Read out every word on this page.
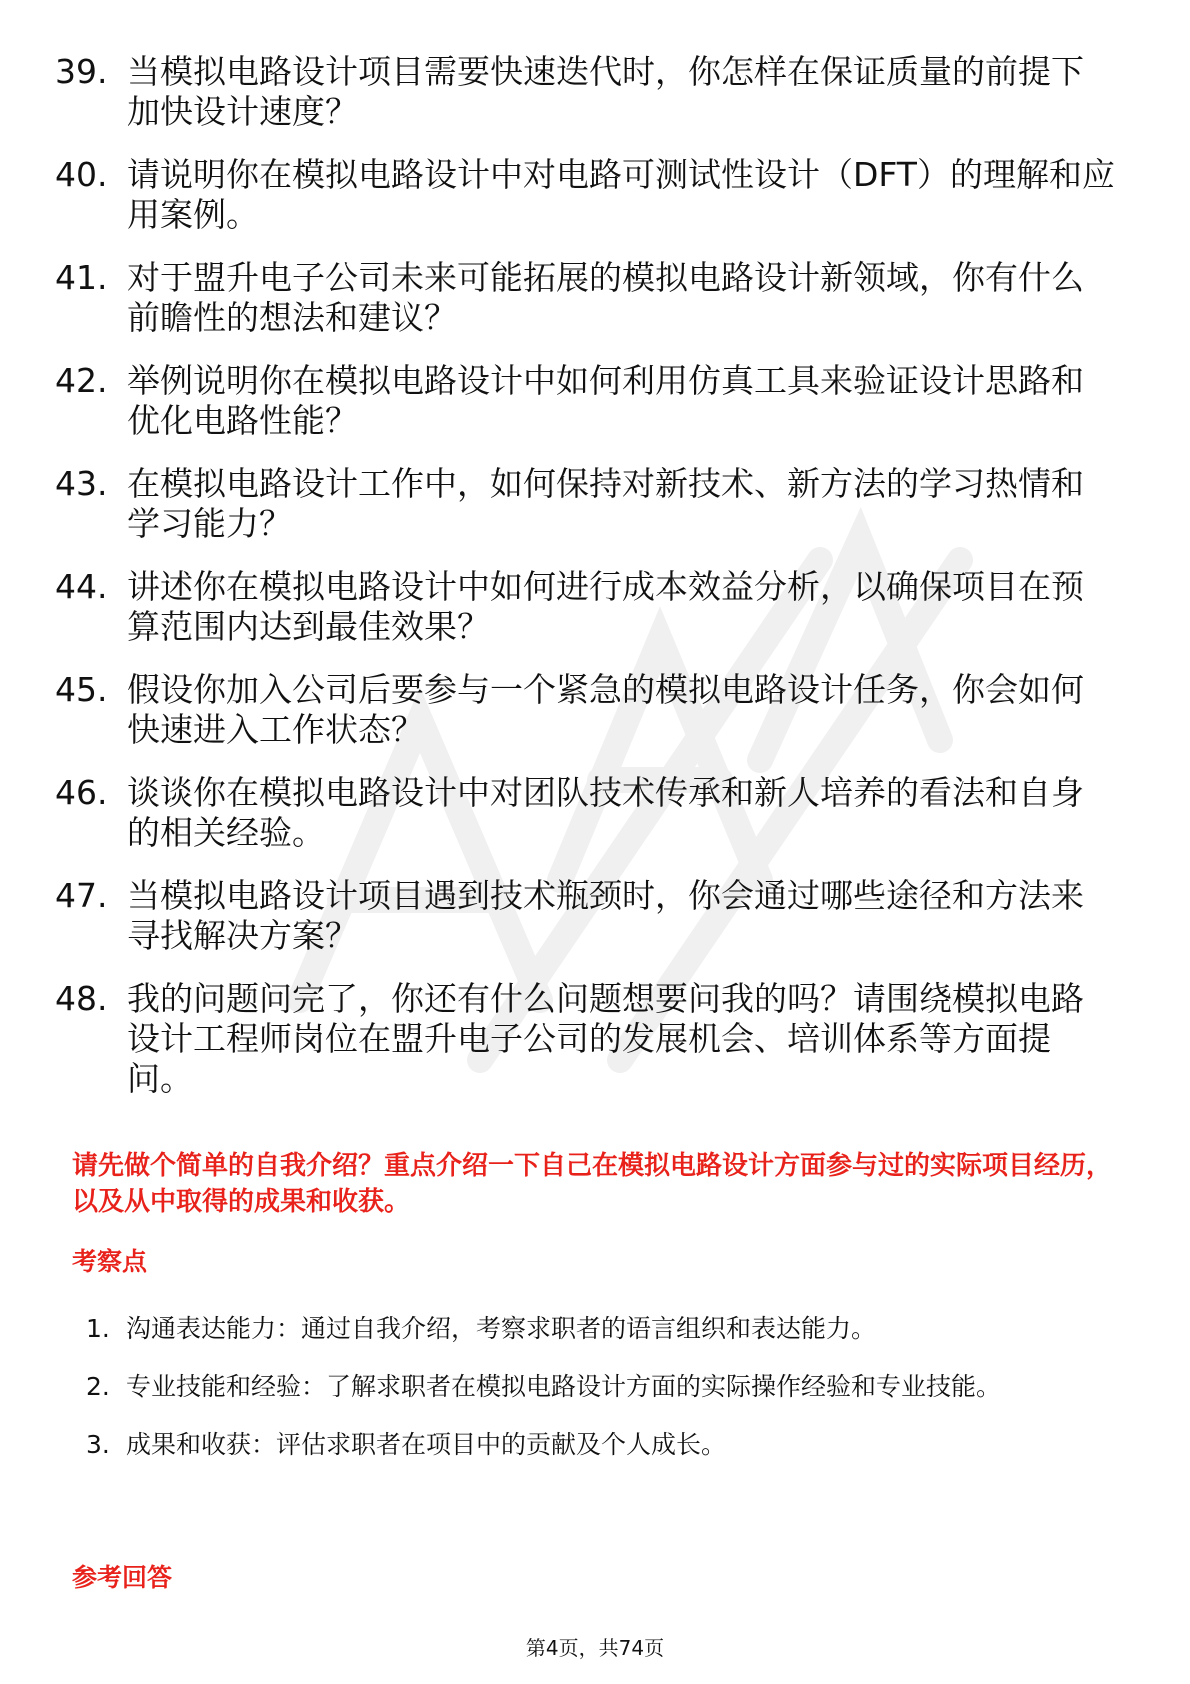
39. 当模拟电路设计项目需要快速迭代时，你怎样在保证质量的前提下加快设计速度？
40. 请说明你在模拟电路设计中对电路可测试性设计（DFT）的理解和应用案例。
41. 对于盟升电子公司未来可能拓展的模拟电路设计新领域，你有什么前瞻性的想法和建议？
42. 举例说明你在模拟电路设计中如何利用仿真工具来验证设计思路和优化电路性能？
43. 在模拟电路设计工作中，如何保持对新技术、新方法的学习热情和学习能力？
44. 讲述你在模拟电路设计中如何进行成本效益分析，以确保项目在预算范围内达到最佳效果？
45. 假设你加入公司后要参与一个紧急的模拟电路设计任务，你会如何快速进入工作状态？
46. 谈谈你在模拟电路设计中对团队技术传承和新人培养的看法和自身的相关经验。
47. 当模拟电路设计项目遇到技术瓶颈时，你会通过哪些途径和方法来寻找解决方案？
48. 我的问题问完了，你还有什么问题想要问我的吗？请围绕模拟电路设计工程师岗位在盟升电子公司的发展机会、培训体系等方面提问。
请先做个简单的自我介绍？重点介绍一下自己在模拟电路设计方面参与过的实际项目经历，以及从中取得的成果和收获。
考察点
1. 沟通表达能力：通过自我介绍，考察求职者的语言组织和表达能力。
2. 专业技能和经验：了解求职者在模拟电路设计方面的实际操作经验和专业技能。
3. 成果和收获：评估求职者在项目中的贡献及个人成长。
参考回答
第4页，共74页
